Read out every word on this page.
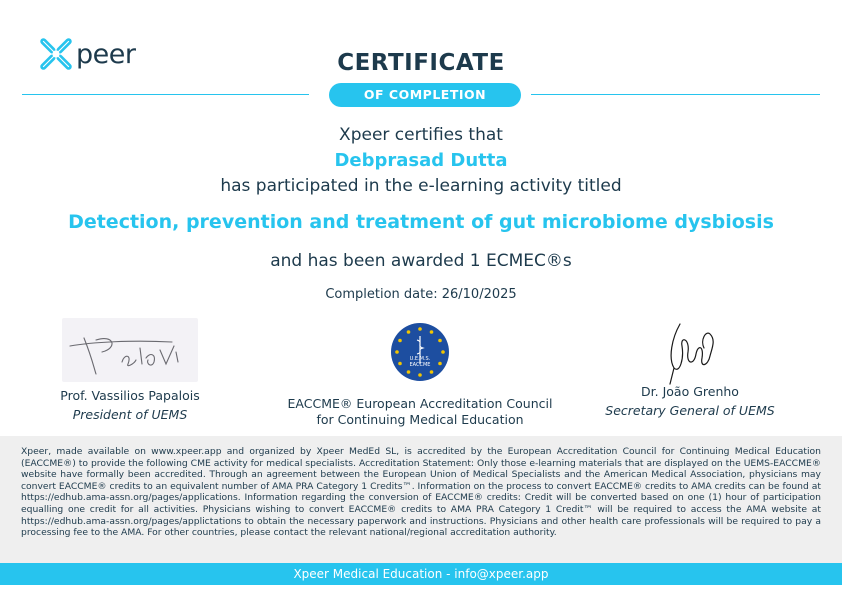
peer	CERTIFICATE
OF COMPLETION
Xpeer certifies that
Debprasad Dutta
has participated in the e-learning activity titled
Detection, prevention and treatment of gut microbiome dysbiosis
and has been awarded 1 ECMEC®s
Completion date: 26/10/2025
Prof. Vassilios Papalois
President of UEMS
U.E.M.S.
EACCME
EACCME® European Accreditation Council
for Continuing Medical Education
Dr. João Grenho
Secretary General of UEMS

Xpeer, made available on www.xpeer.app and organized by Xpeer MedEd SL, is accredited by the European Accreditation Council for Continuing Medical Education (EACCME®) to provide the following CME activity for medical specialists. Accreditation Statement: Only those e-learning materials that are displayed on the UEMS-EACCME® website have formally been accredited. Through an agreement between the European Union of Medical Specialists and the American Medical Association, physicians may convert EACCME® credits to an equivalent number of AMA PRA Category 1 Credits™. Information on the process to convert EACCME® credits to AMA credits can be found at https://edhub.ama-assn.org/pages/applications. Information regarding the conversion of EACCME® credits: Credit will be converted based on one (1) hour of participation equalling one credit for all activities. Physicians wishing to convert EACCME® credits to AMA PRA Category 1 Credit™ will be required to access the AMA website at https://edhub.ama-assn.org/pages/applictations to obtain the necessary paperwork and instructions. Physicians and other health care professionals will be required to pay a processing fee to the AMA. For other countries, please contact the relevant national/regional accreditation authority.

Xpeer Medical Education - info@xpeer.app
